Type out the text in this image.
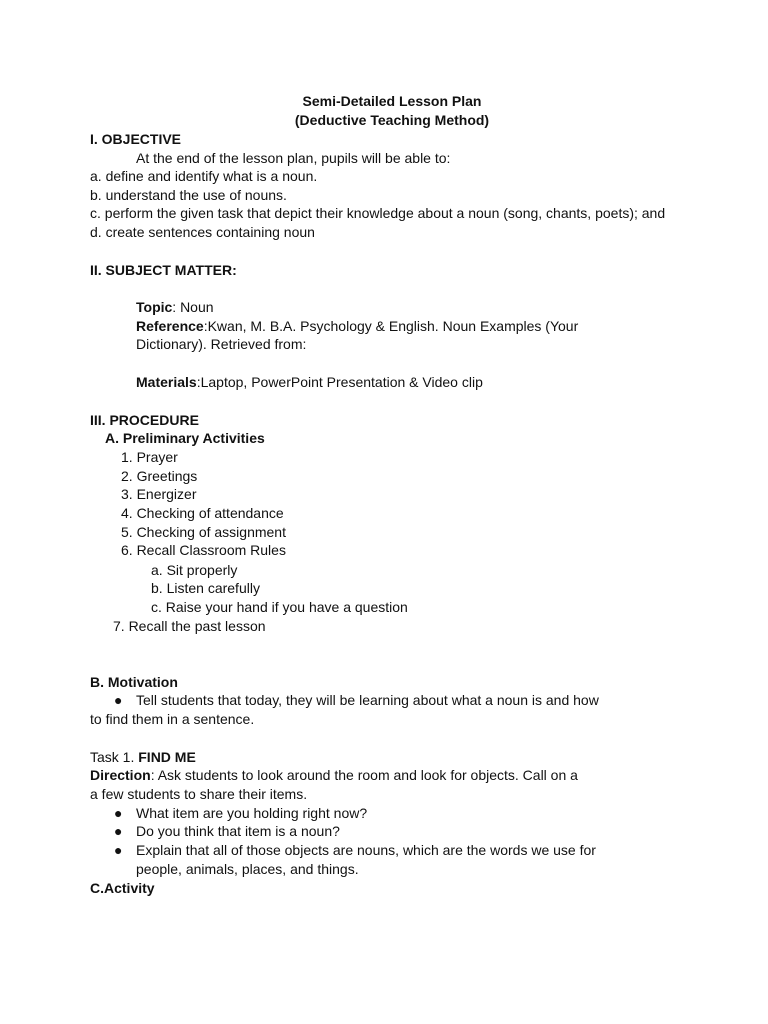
Semi-Detailed Lesson Plan
(Deductive Teaching Method)
I. OBJECTIVE
At the end of the lesson plan, pupils will be able to:
a. define and identify what is a noun.
b. understand the use of nouns.
c. perform the given task that depict their knowledge about a noun (song, chants, poets); and
d. create sentences containing noun
II. SUBJECT MATTER:
Topic: Noun
Reference:Kwan, M. B.A. Psychology & English. Noun Examples (Your
Dictionary). Retrieved from:
Materials:Laptop, PowerPoint Presentation & Video clip
III. PROCEDURE
A. Preliminary Activities
1. Prayer
2. Greetings
3. Energizer
4. Checking of attendance
5. Checking of assignment
6. Recall Classroom Rules
a. Sit properly
b. Listen carefully
c. Raise your hand if you have a question
7. Recall the past lesson
B. Motivation
● Tell students that today, they will be learning about what a noun is and how
to find them in a sentence.
Task 1. FIND ME
Direction: Ask students to look around the room and look for objects. Call on a
a few students to share their items.
● What item are you holding right now?
● Do you think that item is a noun?
● Explain that all of those objects are nouns, which are the words we use for
people, animals, places, and things.
C.Activity
